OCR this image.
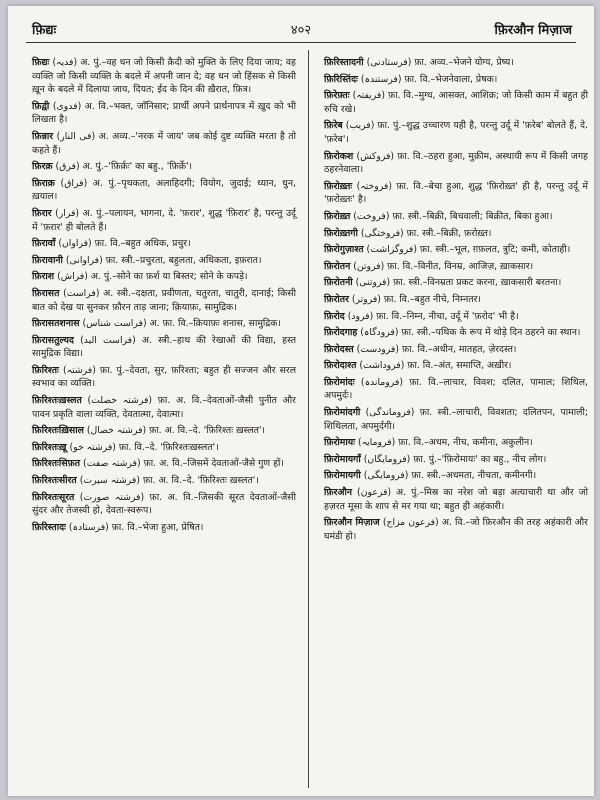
फ़िद्यः	४०२	फ़िरऔन मिज़ाज

फ़िद्यः (فدیہ) अ. पुं.–वह धन जो किसी क़ैदी को मुक्ति के लिए दिया जाय; वह व्यक्ति जो किसी व्यक्ति के बदले में अपनी जान दे; वह धन जो हिंसक से किसी ख़ून के बदले में दिलाया जाय, दियत; ईद के दिन की ख़ैरात, फ़ित्र।

फ़िद्वी (فدوی) अ. वि.–भक्त, जाँनिसार; प्रार्थी अपने प्रार्थनापत्र में ख़ुद को भी लिखता है।

फ़िन्नार (فی النار) अ. अव्य.–'नरक में जाय' जब कोई दुष्ट व्यक्ति मरता है तो कहते हैं।

फ़िरक़ (فرق) अ. पुं.–'फ़िर्क़ः' का बहु., 'फ़िर्क़े'।

फ़िराक़ (فراق) अ. पुं.–पृथकता, अलाहिदगी; वियोग, जुदाई; ध्यान, धुन, ख़याल।

फ़िरार (فرار) अ. पुं.–पलायन, भागना, दे. 'फ़रार', शुद्ध 'फ़िरार' है, परन्तु उर्दू में 'फ़रार' ही बोलते हैं।

फ़िरावाँ (فراواں) फ़ा. वि.–बहुत अधिक, प्रचुर।

फ़िरावानी (فراوانی) फ़ा. स्त्री.–प्रचुरता, बहुलता, अधिकता, इफ़रात।

फ़िराश (فراش) अ. पुं.–सोने का फ़र्श या बिस्तर; सोने के कपड़े।

फ़िरासत (فراست) अ. स्त्री.–दक्षता, प्रवीणता, चतुरता, चातुरी, दानाई; किसी बात को देख या सुनकर फ़ौरन ताड़ जाना; क़ियाफ़ः, सामुद्रिक।

फ़िरासतशनास (فراست شناس) अ. फ़ा. वि.–क़ियाफ़ः शनास, सामुद्रिक।

फ़िरासतुल्यद (فراست الید) अ. स्त्री.–हाथ की रेखाओं की विद्या, हस्त सामुद्रिक विद्या।

फ़िरिश्तः (فرشتہ) फ़ा. पुं.–देवता, सुर, फ़रिश्ता; बहुत ही सज्जन और सरल स्वभाव का व्यक्ति।

फ़िरिश्तःख़स्लत (فرشتہ خصلت) फ़ा. अ. वि.–देवताओं-जैसी पुनीत और पावन प्रकृति वाला व्यक्ति, देवतात्मा, देवात्मा।

फ़िरिश्तःख़िसाल (فرشتہ خصال) फ़ा. अ. वि.–दे. 'फ़िरिश्तः ख़स्लत'।

फ़िरिश्तःख़ू (فرشتہ خو) फ़ा. वि.–दे. 'फ़िरिश्तःख़स्लत'।

फ़िरिश्तःसिफ़त (فرشتہ صفت) फ़ा. अ. वि.–जिसमें देवताओं-जैसे गुण हों।

फ़िरिश्तःसीरत (فرشتہ سیرت) फ़ा. अ. वि.–दे. 'फ़िरिश्तः ख़स्लत'।

फ़िरिश्तःसूरत (فرشتہ صورت) फ़ा. अ. वि.–जिसकी सूरत देवताओं-जैसी सुंदर और तेजस्वी हो, देवता-स्वरूप।

फ़िरिस्तादः (فرستادہ) फ़ा. वि.–भेजा हुआ, प्रेषित।

फ़िरिस्तादनी (فرستادنی) फ़ा. अव्य.–भेजने योग्य, प्रेष्य।

फ़िरिस्तिंदः (فرستندہ) फ़ा. वि.–भेजनेवाला, प्रेषक।

फ़िरेफ़्तः (فریفتہ) फ़ा. वि.–मुग्ध, आसक्त, आशिक़; जो किसी काम में बहुत ही रुचि रखे।

फ़िरेब (فریب) फ़ा. पुं.–शुद्ध उच्चारण यही है, परन्तु उर्दू में 'फ़रेब' बोलते हैं, दे. 'फ़रेब'।

फ़िरोकश (فروکش) फ़ा. वि.–ठहरा हुआ, मुक़ीम, अस्थायी रूप में किसी जगह ठहरनेवाला।

फ़िरोख़्तः (فروختہ) फ़ा. वि.–बेचा हुआ, शुद्ध 'फ़िरोख़्त' ही है, परन्तु उर्दू में 'फ़रोख़्तः' है।

फ़िरोख़्त (فروخت) फ़ा. स्त्री.–बिक्री, बिचवाली; बिक्रीत, बिका हुआ।

फ़िरोख़्तगी (فروختگی) फ़ा. स्त्री.–बिक्री, फ़रोख़्त।

फ़िरोगुज़ाश्त (فروگزاشت) फ़ा. स्त्री.–भूल, ग़फ़लत, त्रुटि; कमी, कोताही।

फ़िरोतन (فروتن) फ़ा. वि.–विनीत, विनम्र, आजिज़, ख़ाकसार।

फ़िरोतनी (فروتنی) फ़ा. स्त्री.–विनम्रता प्रकट करना, ख़ाकसारी बरतना।

फ़िरोतर (فروتر) फ़ा. वि.–बहुत नीचे, निम्नतर।

फ़िरोद (فرود) फ़ा. वि.–निम्न, नीचा, उर्दू में 'फ़रोद' भी है।

फ़िरोदगाह (فرودگاہ) फ़ा. स्त्री.–पथिक के रूप में थोड़े दिन ठहरने का स्थान।

फ़िरोदस्त (فرودست) फ़ा. वि.–अधीन, मातहत, ज़ेरदस्त।

फ़िरोदाश्त (فروداشت) फ़ा. वि.–अंत, समाप्ति, अख़ीर।

फ़िरोमांदः (فروماندہ) फ़ा. वि.–लाचार, विवश; दलित, पामाल; शिथिल, अपमुर्दः।

फ़िरोमांदगी (فروماندگی) फ़ा. स्त्री.–लाचारी, विवशता; दलितपन, पामाली; शिथिलता, अपमुर्दगी।

फ़िरोमायः (فرومایہ) फ़ा. वि.–अधम, नीच, कमीना, अकुलीन।

फ़िरोमायगाँ (فرومایگاں) फ़ा. पुं.–'फ़िरोमायः' का बहु., नीच लोग।

फ़िरोमायगी (فرومایگی) फ़ा. स्त्री.–अधमता, नीचता, कमीनगी।

फ़िरऔन (فرعون) अ. पुं.–मिस्र का नरेश जो बड़ा अत्याचारी था और जो हज़रत मूसा के शाप से मर गया था; बहुत ही अहंकारी।

फ़िरऔन मिज़ाज (فرعون مزاج) अ. वि.–जो फ़िरऔन की तरह अहंकारी और घमंडी हो।
